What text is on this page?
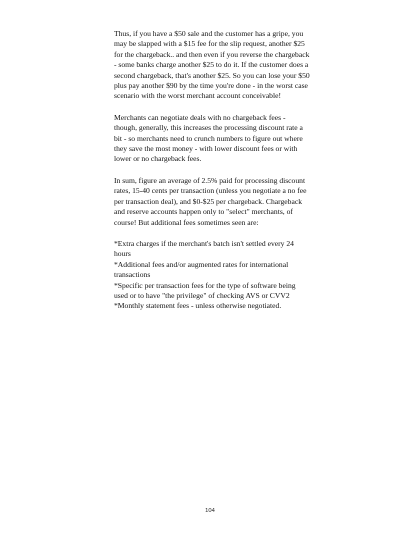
Thus, if you have a $50 sale and the customer has a gripe, you may be slapped with a $15 fee for the slip request, another $25 for the chargeback.. and then even if you reverse the chargeback - some banks charge another $25 to do it. If the customer does a second chargeback, that's another $25. So you can lose your $50 plus pay another $90 by the time you're done - in the worst case scenario with the worst merchant account conceivable!

Merchants can negotiate deals with no chargeback fees - though, generally, this increases the processing discount rate a bit - so merchants need to crunch numbers to figure out where they save the most money - with lower discount fees or with lower or no chargeback fees.

In sum, figure an average of 2.5% paid for processing discount rates, 15-40 cents per transaction (unless you negotiate a no fee per transaction deal), and $0-$25 per chargeback. Chargeback and reserve accounts happen only to "select" merchants, of course! But additional fees sometimes seen are:

*Extra charges if the merchant's batch isn't settled every 24 hours
*Additional fees and/or augmented rates for international transactions
*Specific per transaction fees for the type of software being used or to have "the privilege" of checking AVS or CVV2
*Monthly statement fees - unless otherwise negotiated.
104
